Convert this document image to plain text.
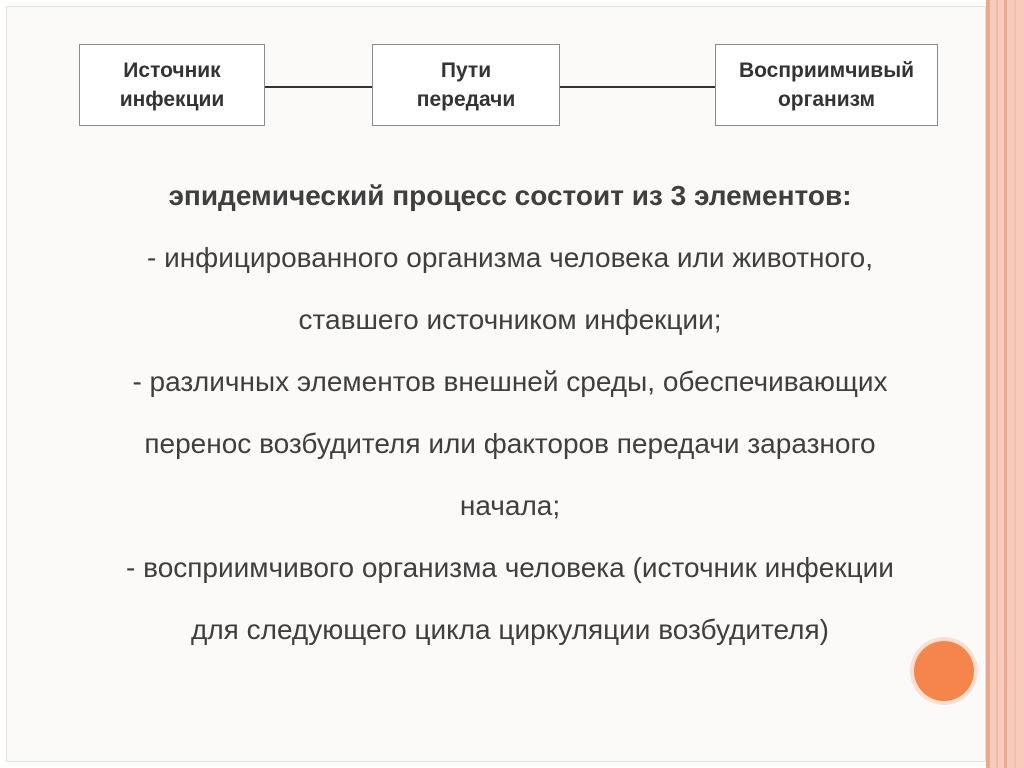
Источник
инфекции
Пути
передачи
Восприимчивый
организм
эпидемический процесс состоит из 3 элементов:
- инфицированного организма человека или животного,
ставшего источником инфекции;
- различных элементов внешней среды, обеспечивающих
перенос возбудителя или факторов передачи заразного
начала;
- восприимчивого организма человека (источник инфекции
для следующего цикла циркуляции возбудителя)
